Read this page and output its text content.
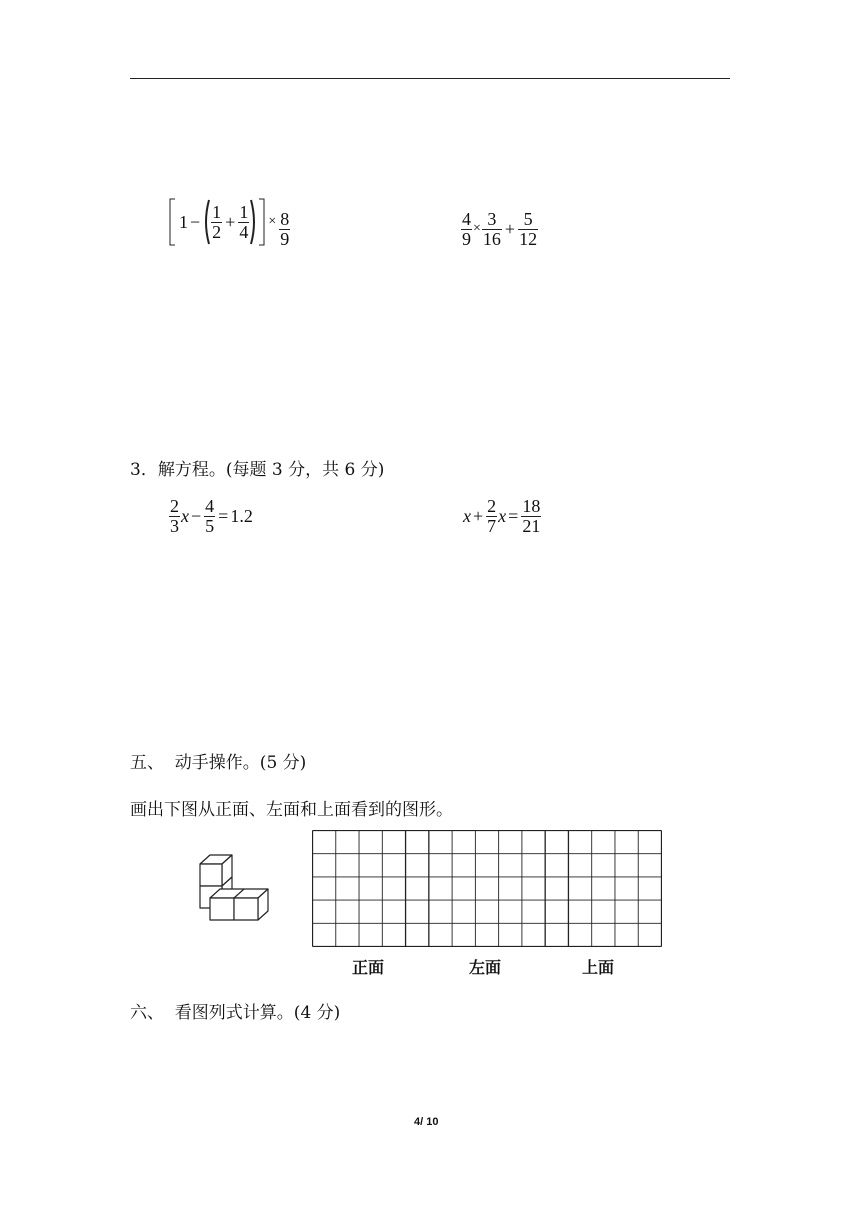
$1 - \frac{1}{2} + \frac{1}{4} \times \frac{8}{9}$	$\frac{4}{9} \times \frac{3}{16} + \frac{5}{12}$
3．解方程。(每题 3 分，共 6 分)
$\frac{2}{3}$ $x - \frac{4}{5} = 1.2$	$x + \frac{2}{7}$ $x = \frac{18}{21}$
五、  动手操作。(5 分)
画出下图从正面、左面和上面看到的图形。
正面	左面	上面
六、  看图列式计算。(4 分)
4/ 10
